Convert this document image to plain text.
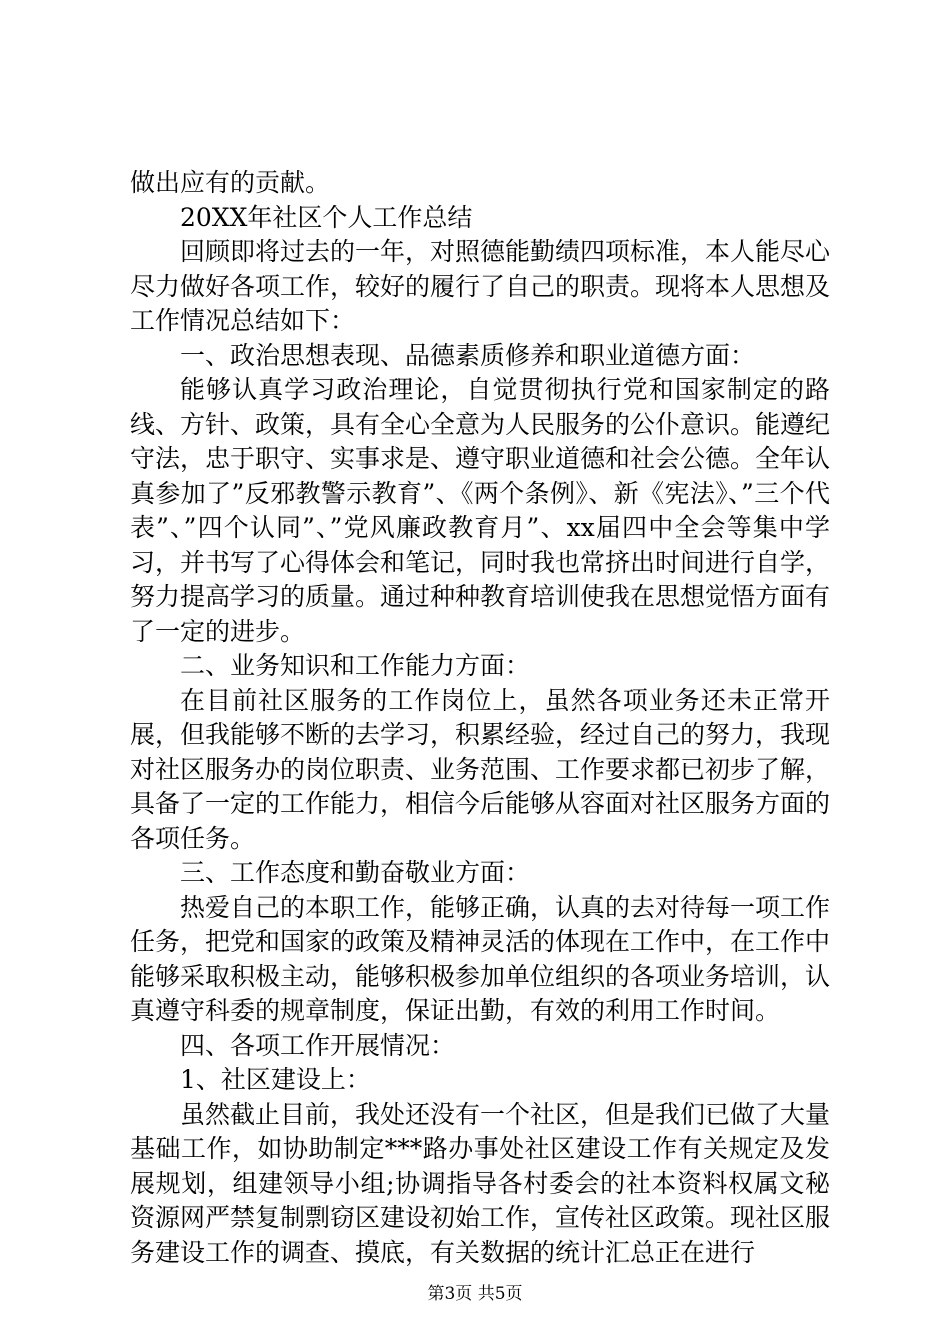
做出应有的贡献。

20XX年社区个人工作总结

回顾即将过去的一年，对照德能勤绩四项标准，本人能尽心尽力做好各项工作，较好的履行了自己的职责。现将本人思想及工作情况总结如下：

一、政治思想表现、品德素质修养和职业道德方面：

能够认真学习政治理论，自觉贯彻执行党和国家制定的路线、方针、政策，具有全心全意为人民服务的公仆意识。能遵纪守法，忠于职守、实事求是、遵守职业道德和社会公德。全年认真参加了”反邪教警示教育”、《两个条例》、新《宪法》、”三个代表”、”四个认同”、”党风廉政教育月”、xx届四中全会等集中学习，并书写了心得体会和笔记，同时我也常挤出时间进行自学，努力提高学习的质量。通过种种教育培训使我在思想觉悟方面有了一定的进步。

二、业务知识和工作能力方面：

在目前社区服务的工作岗位上，虽然各项业务还未正常开展，但我能够不断的去学习，积累经验，经过自己的努力，我现对社区服务办的岗位职责、业务范围、工作要求都已初步了解，具备了一定的工作能力，相信今后能够从容面对社区服务方面的各项任务。

三、工作态度和勤奋敬业方面：

热爱自己的本职工作，能够正确，认真的去对待每一项工作任务，把党和国家的政策及精神灵活的体现在工作中，在工作中能够采取积极主动，能够积极参加单位组织的各项业务培训，认真遵守科委的规章制度，保证出勤，有效的利用工作时间。

四、各项工作开展情况：

1、社区建设上：

虽然截止目前，我处还没有一个社区，但是我们已做了大量基础工作，如协助制定***路办事处社区建设工作有关规定及发展规划，组建领导小组;协调指导各村委会的社本资料权属文秘资源网严禁复制剽窃区建设初始工作，宣传社区政策。现社区服务建设工作的调查、摸底，有关数据的统计汇总正在进行

第3页 共5页
